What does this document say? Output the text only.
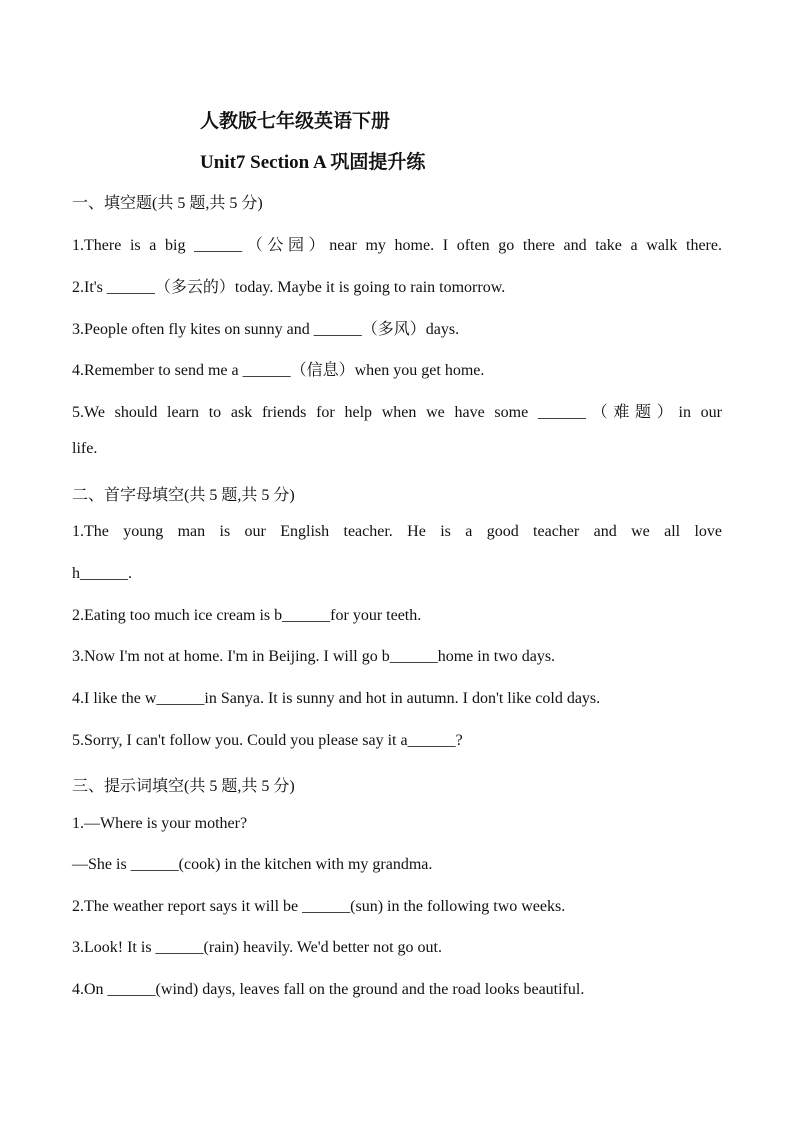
人教版七年级英语下册
Unit7 Section A 巩固提升练
一、填空题(共 5 题,共 5 分)
1.There is a big ______（公园）near my home. I often go there and take a walk there.
2.It's ______（多云的）today. Maybe it is going to rain tomorrow.
3.People often fly kites on sunny and ______（多风）days.
4.Remember to send me a ______（信息）when you get home.
5.We should learn to ask friends for help when we have some ______（难题）in our
life.
二、首字母填空(共 5 题,共 5 分)
1.The young man is our English teacher. He is a good teacher and we all love
h______.
2.Eating too much ice cream is b______for your teeth.
3.Now I'm not at home. I'm in Beijing. I will go b______home in two days.
4.I like the w______in Sanya. It is sunny and hot in autumn. I don't like cold days.
5.Sorry, I can't follow you. Could you please say it a______?
三、提示词填空(共 5 题,共 5 分)
1.—Where is your mother?
—She is ______(cook) in the kitchen with my grandma.
2.The weather report says it will be ______(sun) in the following two weeks.
3.Look! It is ______(rain) heavily. We'd better not go out.
4.On ______(wind) days, leaves fall on the ground and the road looks beautiful.
